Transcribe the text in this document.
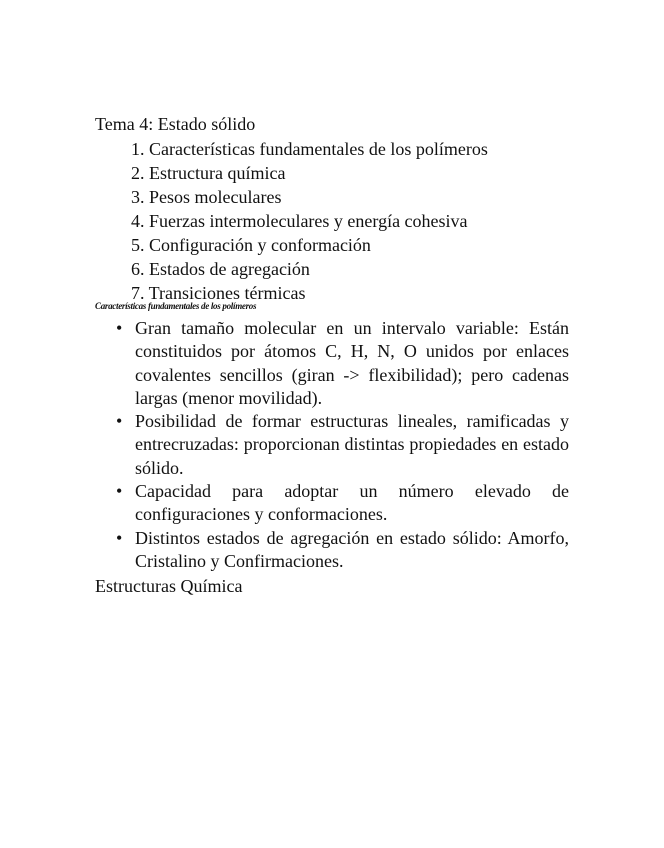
Tema 4: Estado sólido
1. Características fundamentales de los polímeros
2. Estructura química
3. Pesos moleculares
4. Fuerzas intermoleculares y energía cohesiva
5. Configuración y conformación
6. Estados de agregación
7. Transiciones térmicas
Características fundamentales de los polímeros
• Gran tamaño molecular en un intervalo variable: Están constituidos por átomos C, H, N, O unidos por enlaces covalentes sencillos (giran -> flexibilidad); pero cadenas largas (menor movilidad).
• Posibilidad de formar estructuras lineales, ramificadas y entrecruzadas: proporcionan distintas propiedades en estado sólido.
• Capacidad para adoptar un número elevado de configuraciones y conformaciones.
• Distintos estados de agregación en estado sólido: Amorfo, Cristalino y Confirmaciones.
Estructuras Química
